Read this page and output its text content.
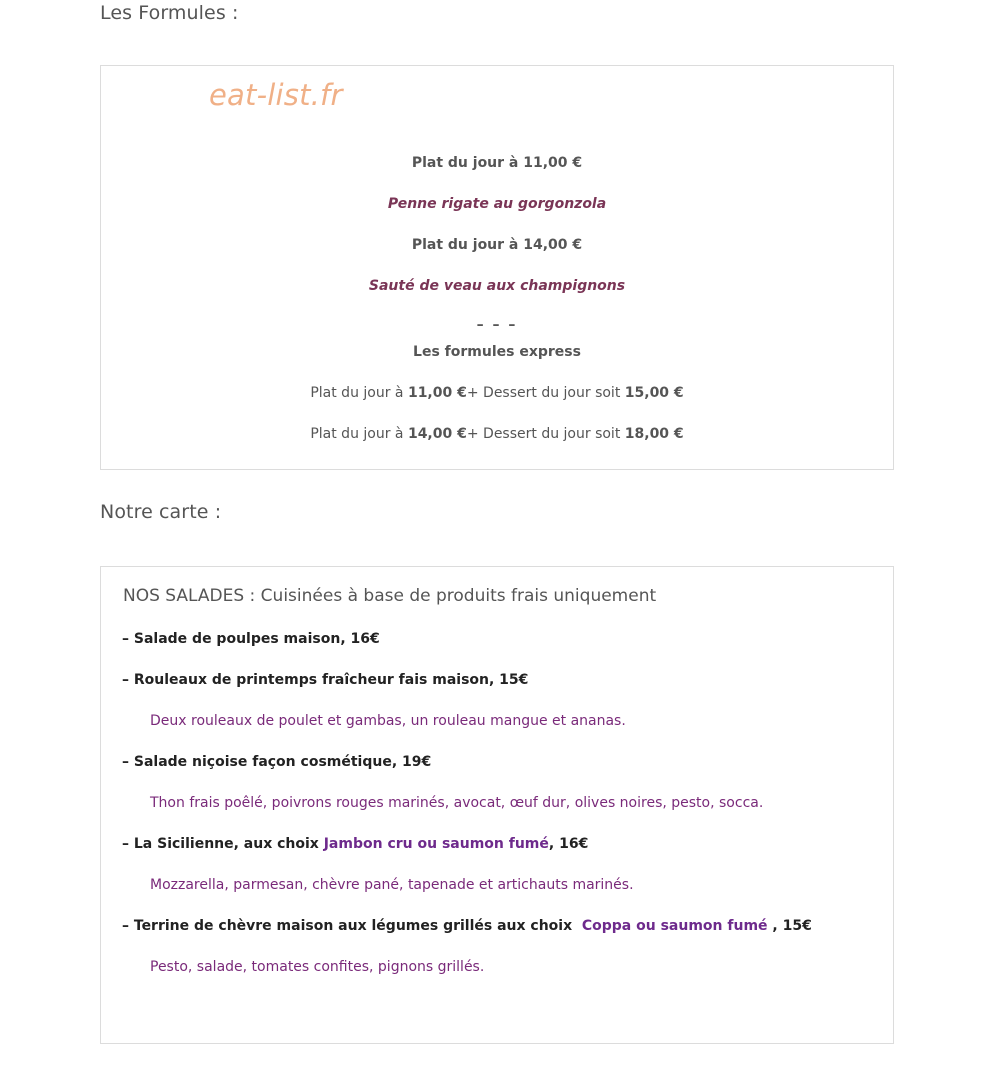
Les Formules :
eat-list.fr
Plat du jour à 11,00 €
Penne rigate au gorgonzola
Plat du jour à 14,00 €
Sauté de veau aux champignons
– – –
Les formules express
Plat du jour à 11,00 €+ Dessert du jour soit 15,00 €
Plat du jour à 14,00 €+ Dessert du jour soit 18,00 €
Notre carte :
NOS SALADES : Cuisinées à base de produits frais uniquement
– Salade de poulpes maison, 16€
– Rouleaux de printemps fraîcheur fais maison, 15€
Deux rouleaux de poulet et gambas, un rouleau mangue et ananas.
– Salade niçoise façon cosmétique, 19€
Thon frais poêlé, poivrons rouges marinés, avocat, œuf dur, olives noires, pesto, socca.
– La Sicilienne, aux choix Jambon cru ou saumon fumé, 16€
Mozzarella, parmesan, chèvre pané, tapenade et artichauts marinés.
– Terrine de chèvre maison aux légumes grillés aux choix  Coppa ou saumon fumé , 15€
Pesto, salade, tomates confites, pignons grillés.
